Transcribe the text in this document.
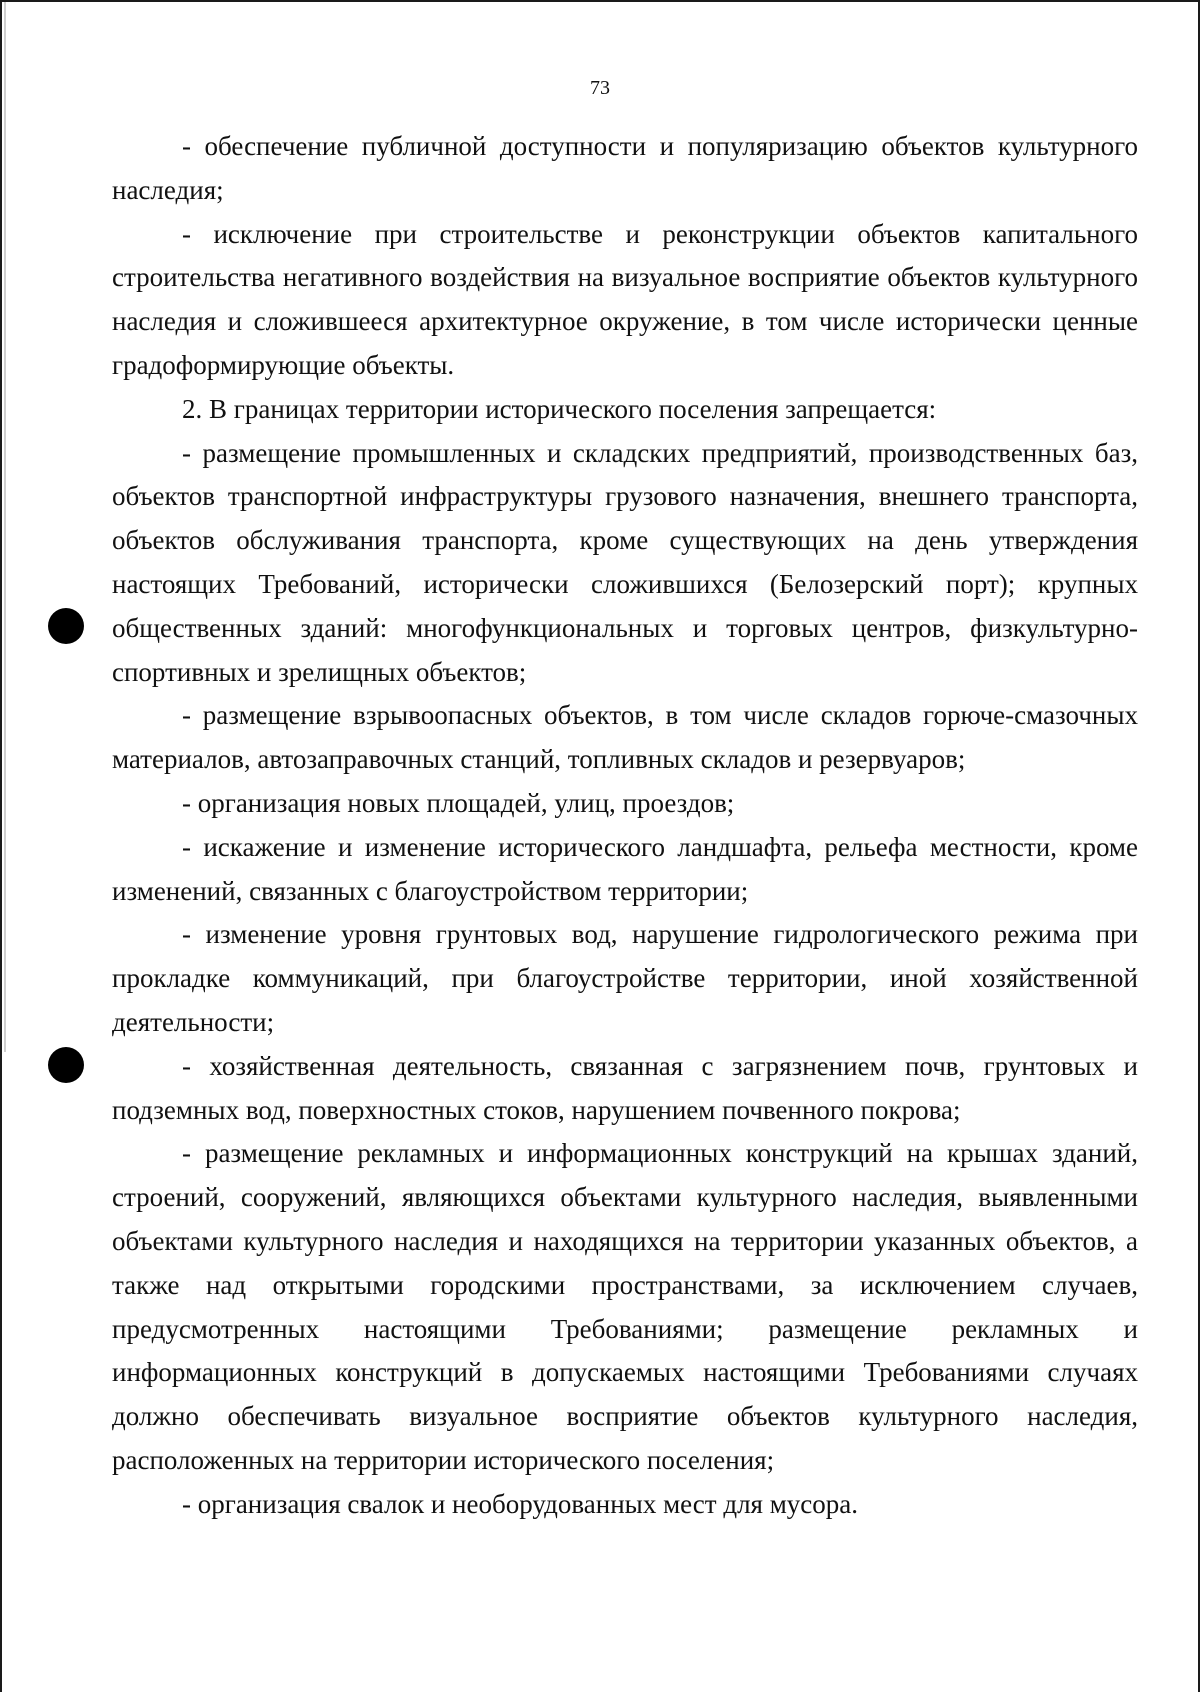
73

- обеспечение публичной доступности и популяризацию объектов культурного наследия;

- исключение при строительстве и реконструкции объектов капитального строительства негативного воздействия на визуальное восприятие объектов культурного наследия и сложившееся архитектурное окружение, в том числе исторически ценные градоформирующие объекты.

2. В границах территории исторического поселения запрещается:

- размещение промышленных и складских предприятий, производственных баз, объектов транспортной инфраструктуры грузового назначения, внешнего транспорта, объектов обслуживания транспорта, кроме существующих на день утверждения настоящих Требований, исторически сложившихся (Белозерский порт); крупных общественных зданий: многофункциональных и торговых центров, физкультурно-спортивных и зрелищных объектов;

- размещение взрывоопасных объектов, в том числе складов горюче-смазочных материалов, автозаправочных станций, топливных складов и резервуаров;

- организация новых площадей, улиц, проездов;

- искажение и изменение исторического ландшафта, рельефа местности, кроме изменений, связанных с благоустройством территории;

- изменение уровня грунтовых вод, нарушение гидрологического режима при прокладке коммуникаций, при благоустройстве территории, иной хозяйственной деятельности;

- хозяйственная деятельность, связанная с загрязнением почв, грунтовых и подземных вод, поверхностных стоков, нарушением почвенного покрова;

- размещение рекламных и информационных конструкций на крышах зданий, строений, сооружений, являющихся объектами культурного наследия, выявленными объектами культурного наследия и находящихся на территории указанных объектов, а также над открытыми городскими пространствами, за исключением случаев, предусмотренных настоящими Требованиями; размещение рекламных и информационных конструкций в допускаемых настоящими Требованиями случаях должно обеспечивать визуальное восприятие объектов культурного наследия, расположенных на территории исторического поселения;

- организация свалок и необорудованных мест для мусора.
